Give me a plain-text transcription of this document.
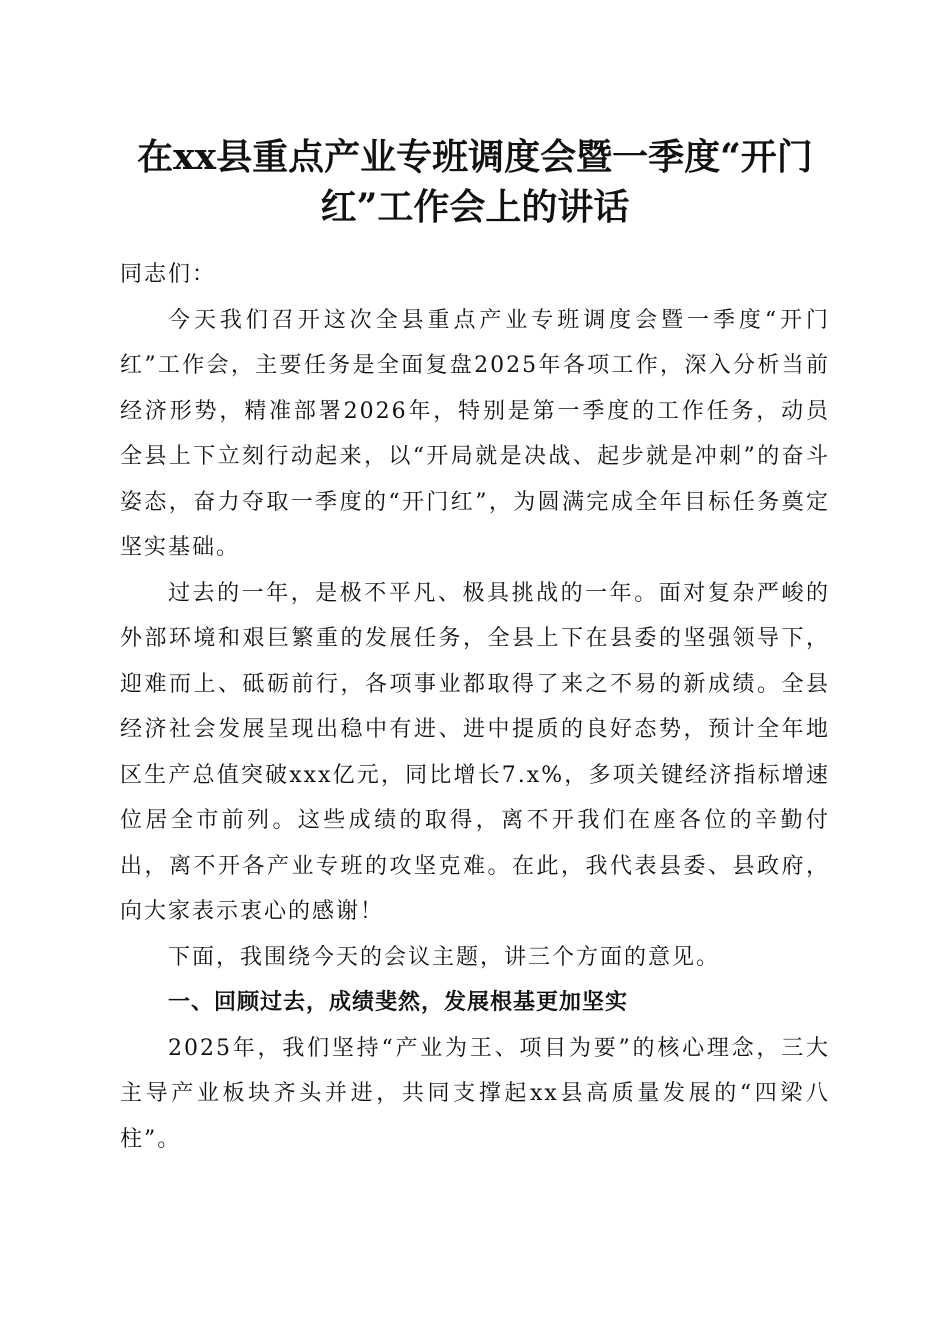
在xx县重点产业专班调度会暨一季度“开门红”工作会上的讲话

同志们：

今天我们召开这次全县重点产业专班调度会暨一季度“开门红”工作会，主要任务是全面复盘2025年各项工作，深入分析当前经济形势，精准部署2026年，特别是第一季度的工作任务，动员全县上下立刻行动起来，以“开局就是决战、起步就是冲刺”的奋斗姿态，奋力夺取一季度的“开门红”，为圆满完成全年目标任务奠定坚实基础。

过去的一年，是极不平凡、极具挑战的一年。面对复杂严峻的外部环境和艰巨繁重的发展任务，全县上下在县委的坚强领导下，迎难而上、砥砺前行，各项事业都取得了来之不易的新成绩。全县经济社会发展呈现出稳中有进、进中提质的良好态势，预计全年地区生产总值突破xxx亿元，同比增长7.x%，多项关键经济指标增速位居全市前列。这些成绩的取得，离不开我们在座各位的辛勤付出，离不开各产业专班的攻坚克难。在此，我代表县委、县政府，向大家表示衷心的感谢！

下面，我围绕今天的会议主题，讲三个方面的意见。

一、回顾过去，成绩斐然，发展根基更加坚实

2025年，我们坚持“产业为王、项目为要”的核心理念，三大主导产业板块齐头并进，共同支撑起xx县高质量发展的“四梁八柱”。
